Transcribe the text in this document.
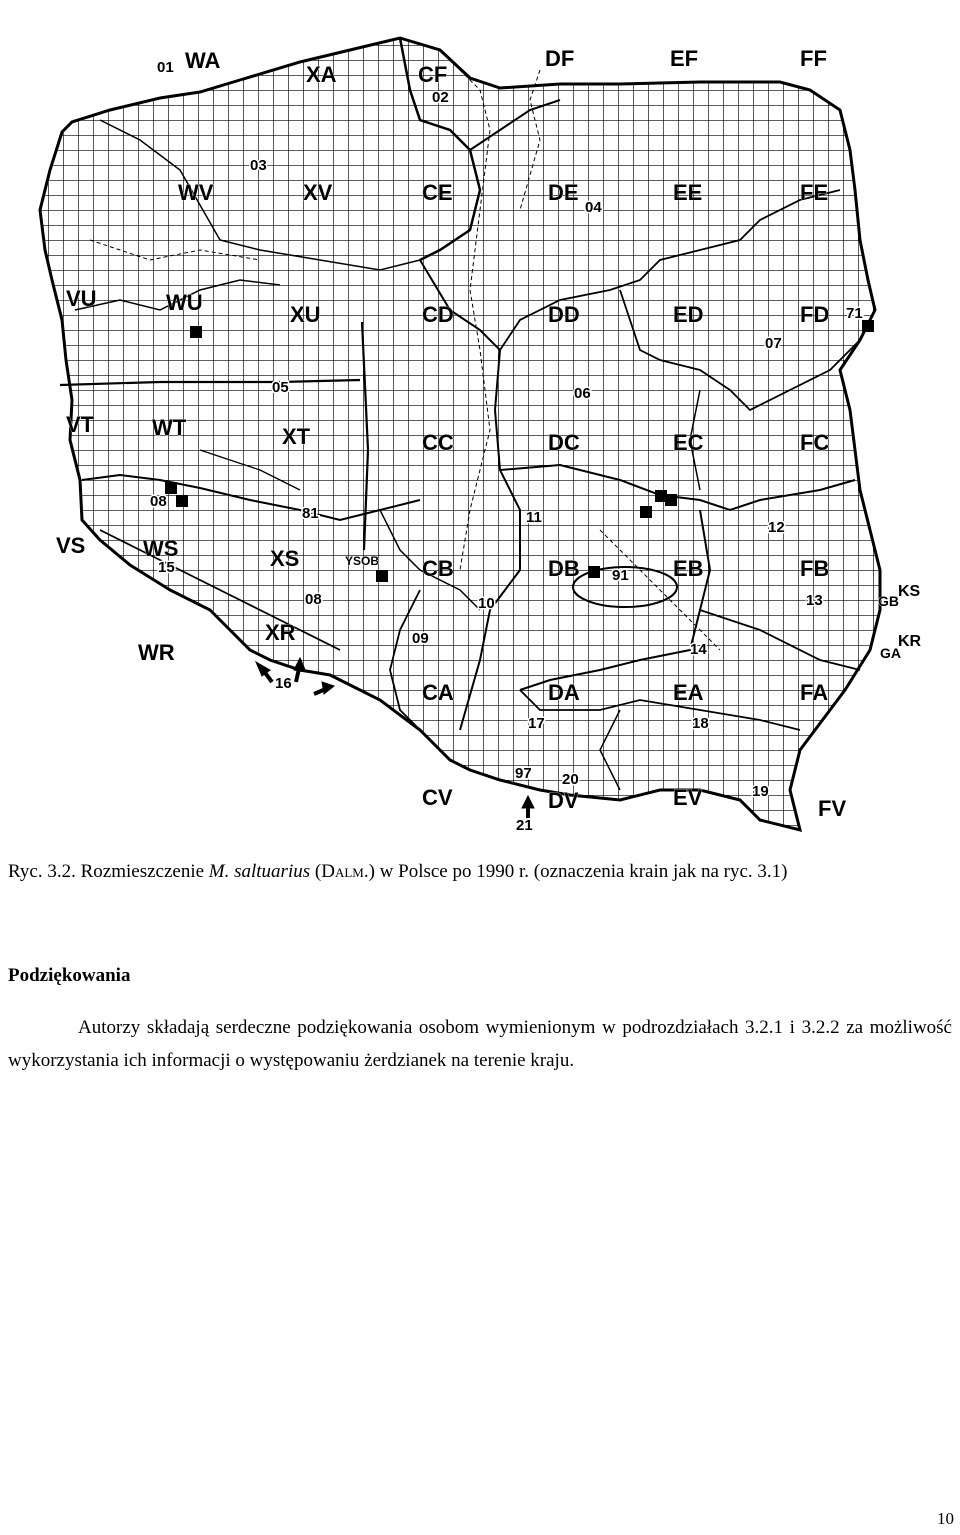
WA
XA	CF
DF	EF	FF
WV	XV	CE	DE	EE	FE
VU	WU	XU	CD	DD	ED	FD
VT	WT	XT	CC	DC	EC	FC
VS	WS	XS	CB	DB	EB	FB
WR
XR
CA	DA	EA	FA
CV	DV	EV	FV
YSOB
GB
KS
GA
KR
01
02
03
04
05	06
07
08
08
09
10
11
12
13
14
15
16
17	18
19
20
21
71
81
91
97
Ryc. 3.2. Rozmieszczenie M. saltuarius (Dalm.) w Polsce po 1990 r. (oznaczenia krain jak na ryc. 3.1)
Podziękowania
Autorzy składają serdeczne podziękowania osobom wymienionym w podrozdziałach 3.2.1 i 3.2.2 za możliwość wykorzystania ich informacji o występowaniu żerdzianek na terenie kraju.
10
